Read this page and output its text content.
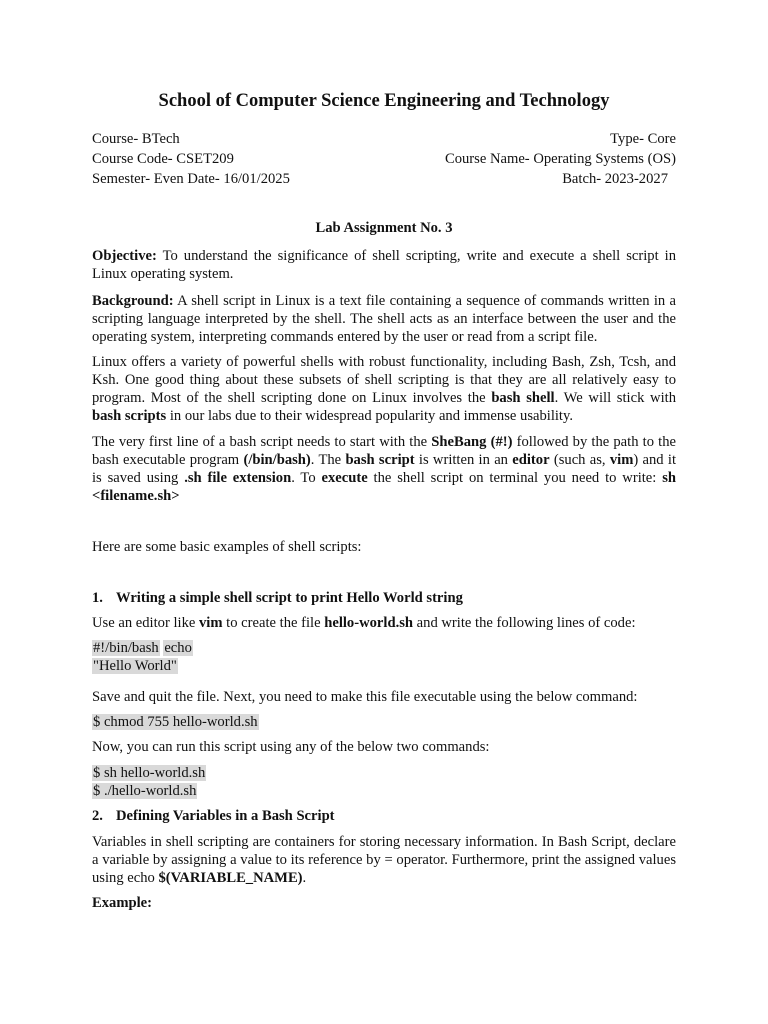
School of Computer Science Engineering and Technology
Course- BTech	Type- Core
Course Code- CSET209	Course Name- Operating Systems (OS)
Semester- Even Date- 16/01/2025	Batch- 2023-2027
Lab Assignment No. 3

Objective: To understand the significance of shell scripting, write and execute a shell script in Linux operating system.

Background: A shell script in Linux is a text file containing a sequence of commands written in a scripting language interpreted by the shell. The shell acts as an interface between the user and the operating system, interpreting commands entered by the user or read from a script file.

Linux offers a variety of powerful shells with robust functionality, including Bash, Zsh, Tcsh, and Ksh. One good thing about these subsets of shell scripting is that they are all relatively easy to program. Most of the shell scripting done on Linux involves the bash shell. We will stick with bash scripts in our labs due to their widespread popularity and immense usability.

The very first line of a bash script needs to start with the SheBang (#!) followed by the path to the bash executable program (/bin/bash). The bash script is written in an editor (such as, vim) and it is saved using .sh file extension. To execute the shell script on terminal you need to write: sh <filename.sh>

Here are some basic examples of shell scripts:

1. Writing a simple shell script to print Hello World string

Use an editor like vim to create the file hello-world.sh and write the following lines of code:

#!/bin/bash echo
"Hello World"

Save and quit the file. Next, you need to make this file executable using the below command:

$ chmod 755 hello-world.sh

Now, you can run this script using any of the below two commands:

$ sh hello-world.sh
$ ./hello-world.sh
2. Defining Variables in a Bash Script

Variables in shell scripting are containers for storing necessary information. In Bash Script, declare a variable by assigning a value to its reference by = operator. Furthermore, print the assigned values using echo $(VARIABLE_NAME).

Example:
